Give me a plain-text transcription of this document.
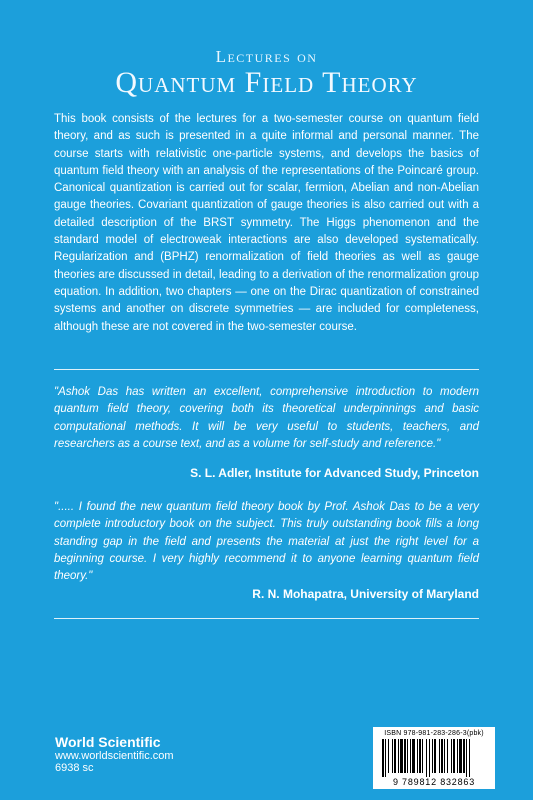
Lectures on
Quantum Field Theory
This book consists of the lectures for a two-semester course on quantum field theory, and as such is presented in a quite informal and personal manner. The course starts with relativistic one-particle systems, and develops the basics of quantum field theory with an analysis of the representations of the Poincaré group. Canonical quantization is carried out for scalar, fermion, Abelian and non-Abelian gauge theories. Covariant quantization of gauge theories is also carried out with a detailed description of the BRST symmetry. The Higgs phenomenon and the standard model of electroweak interactions are also developed systematically. Regularization and (BPHZ) renormalization of field theories as well as gauge theories are discussed in detail, leading to a derivation of the renormalization group equation. In addition, two chapters — one on the Dirac quantization of constrained systems and another on discrete symmetries — are included for completeness, although these are not covered in the two-semester course.
"Ashok Das has written an excellent, comprehensive introduction to modern quantum field theory, covering both its theoretical underpinnings and basic computational methods. It will be very useful to students, teachers, and researchers as a course text, and as a volume for self-study and reference."
S. L. Adler, Institute for Advanced Study, Princeton
"..... I found the new quantum field theory book by Prof. Ashok Das to be a very complete introductory book on the subject. This truly outstanding book fills a long standing gap in the field and presents the material at just the right level for a beginning course. I very highly recommend it to anyone learning quantum field theory."
R. N. Mohapatra, University of Maryland
World Scientific
www.worldscientific.com
6938 sc
ISBN 978-981-283-286-3(pbk)
9 789812 832863
